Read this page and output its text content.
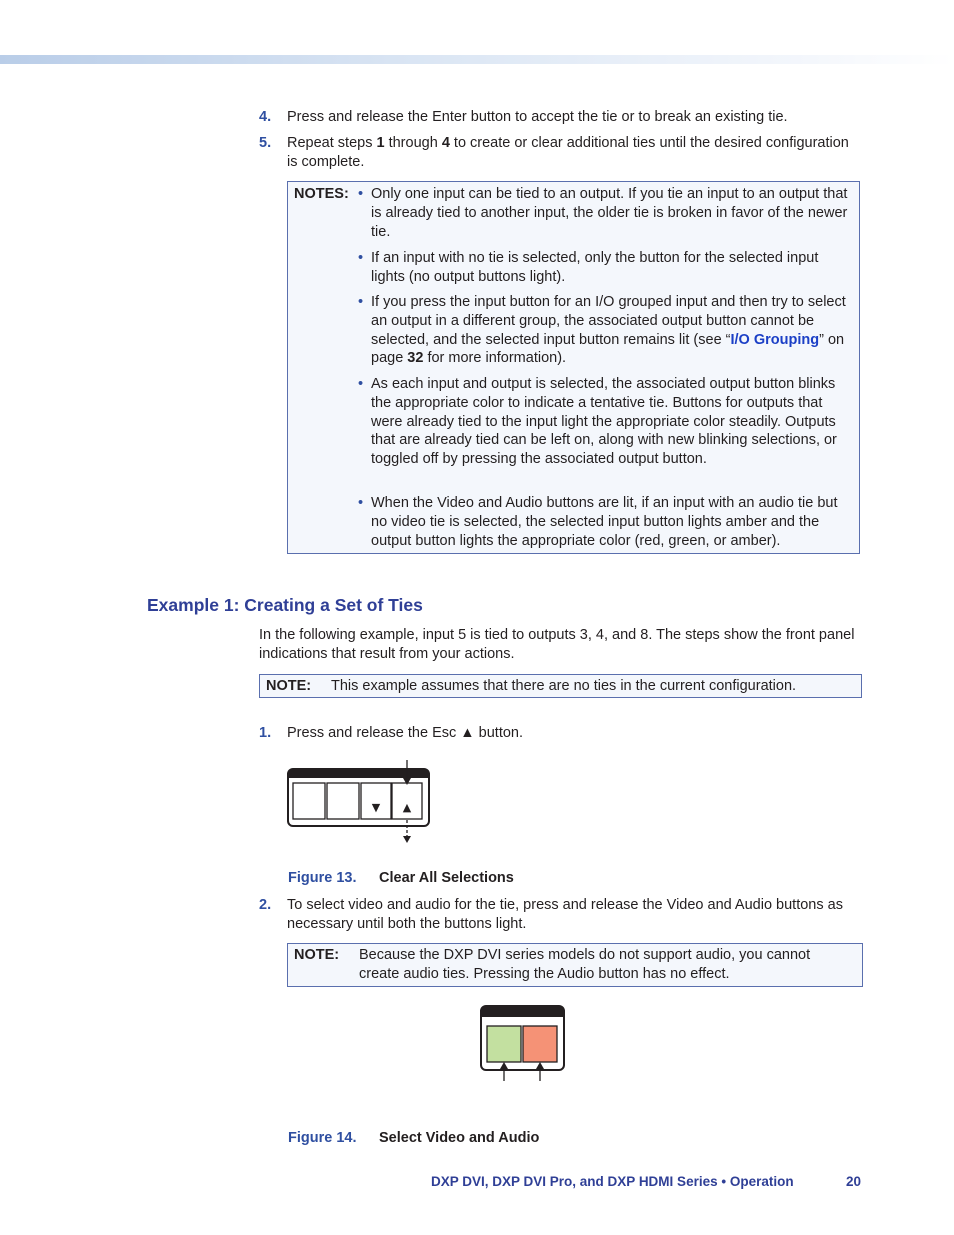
4. Press and release the Enter button to accept the tie or to break an existing tie.
5. Repeat steps 1 through 4 to create or clear additional ties until the desired configuration is complete.
NOTES: • Only one input can be tied to an output. If you tie an input to an output that is already tied to another input, the older tie is broken in favor of the newer tie.
• If an input with no tie is selected, only the button for the selected input lights (no output buttons light).
• If you press the input button for an I/O grouped input and then try to select an output in a different group, the associated output button cannot be selected, and the selected input button remains lit (see “I/O Grouping” on page 32 for more information).
• As each input and output is selected, the associated output button blinks the appropriate color to indicate a tentative tie. Buttons for outputs that were already tied to the input light the appropriate color steadily. Outputs that are already tied can be left on, along with new blinking selections, or toggled off by pressing the associated output button.
• When the Video and Audio buttons are lit, if an input with an audio tie but no video tie is selected, the selected input button lights amber and the output button lights the appropriate color (red, green, or amber).
Example 1: Creating a Set of Ties
In the following example, input 5 is tied to outputs 3, 4, and 8. The steps show the front panel indications that result from your actions.
NOTE: This example assumes that there are no ties in the current configuration.
1. Press and release the Esc ▲ button.
▼ ▲
Figure 13. Clear All Selections
2. To select video and audio for the tie, press and release the Video and Audio buttons as necessary until both the buttons light.
NOTE: Because the DXP DVI series models do not support audio, you cannot create audio ties. Pressing the Audio button has no effect.
Figure 14. Select Video and Audio
DXP DVI, DXP DVI Pro, and DXP HDMI Series • Operation	20
